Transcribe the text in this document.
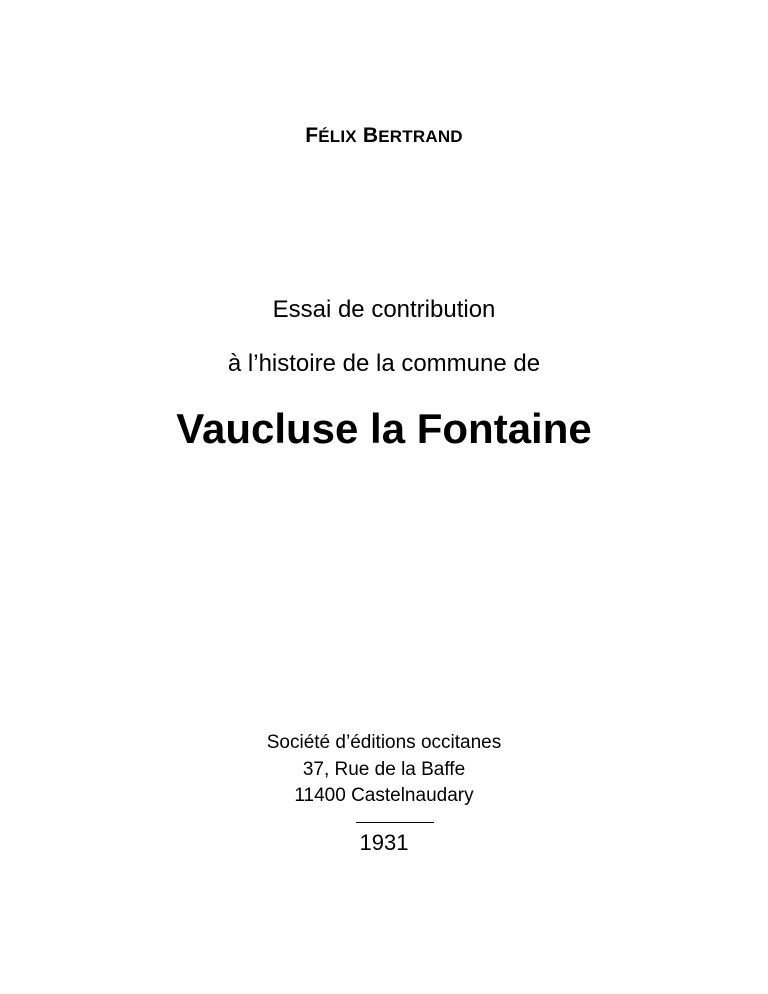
FÉLIX BERTRAND
Essai de contribution
à l’histoire de la commune de
Vaucluse la Fontaine
Société d’éditions occitanes
37, Rue de la Baffe
11400 Castelnaudary
1931
